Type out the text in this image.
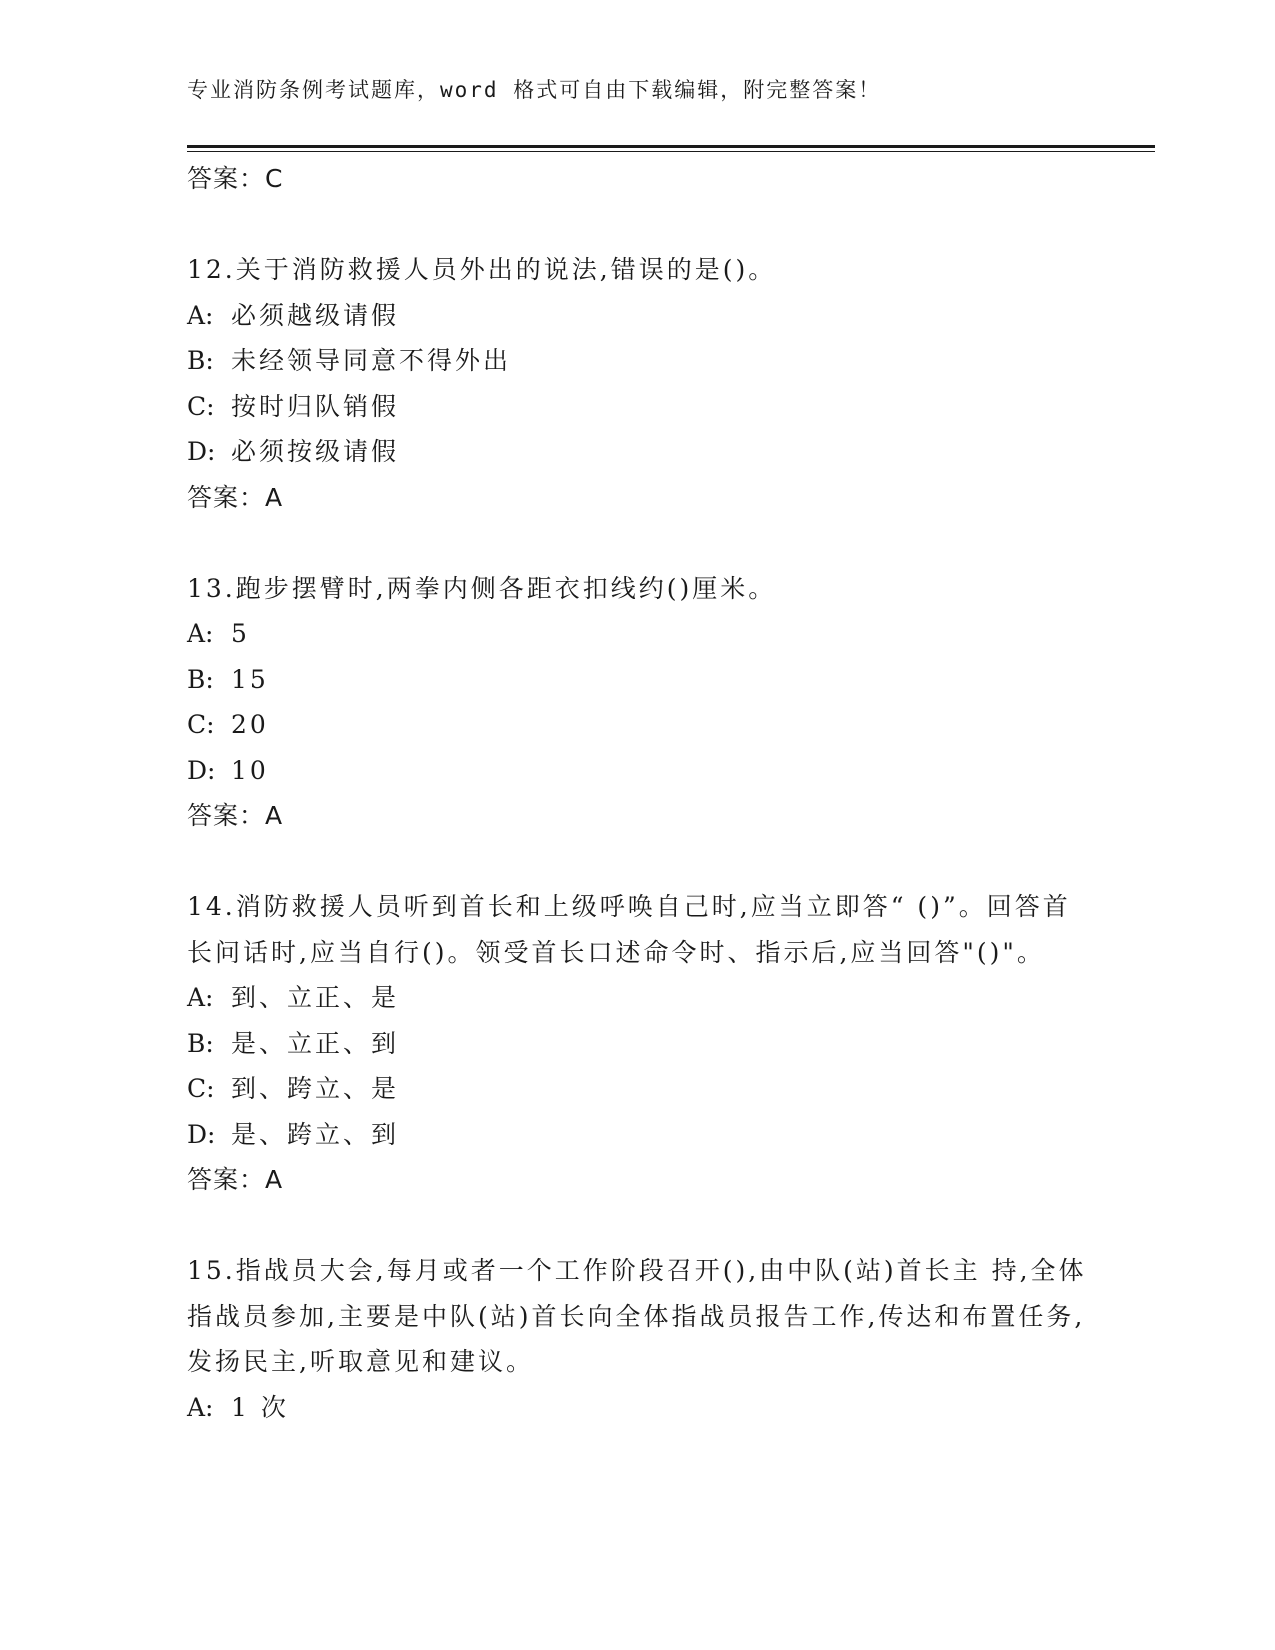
专业消防条例考试题库，word 格式可自由下载编辑，附完整答案！
答案：C
12.关于消防救援人员外出的说法,错误的是()。
A: 必须越级请假
B: 未经领导同意不得外出
C: 按时归队销假
D: 必须按级请假
答案：A
13.跑步摆臂时,两拳内侧各距衣扣线约()厘米。
A: 5
B: 15
C: 20
D: 10
答案：A
14.消防救援人员听到首长和上级呼唤自己时,应当立即答“ ()”。回答首长问话时,应当自行()。领受首长口述命令时、指示后,应当回答"()"。
A: 到、立正、是
B: 是、立正、到
C: 到、跨立、是
D: 是、跨立、到
答案：A
15.指战员大会,每月或者一个工作阶段召开(),由中队(站)首长主 持,全体指战员参加,主要是中队(站)首长向全体指战员报告工作,传达和布置任务,发扬民主,听取意见和建议。
A: 1 次
